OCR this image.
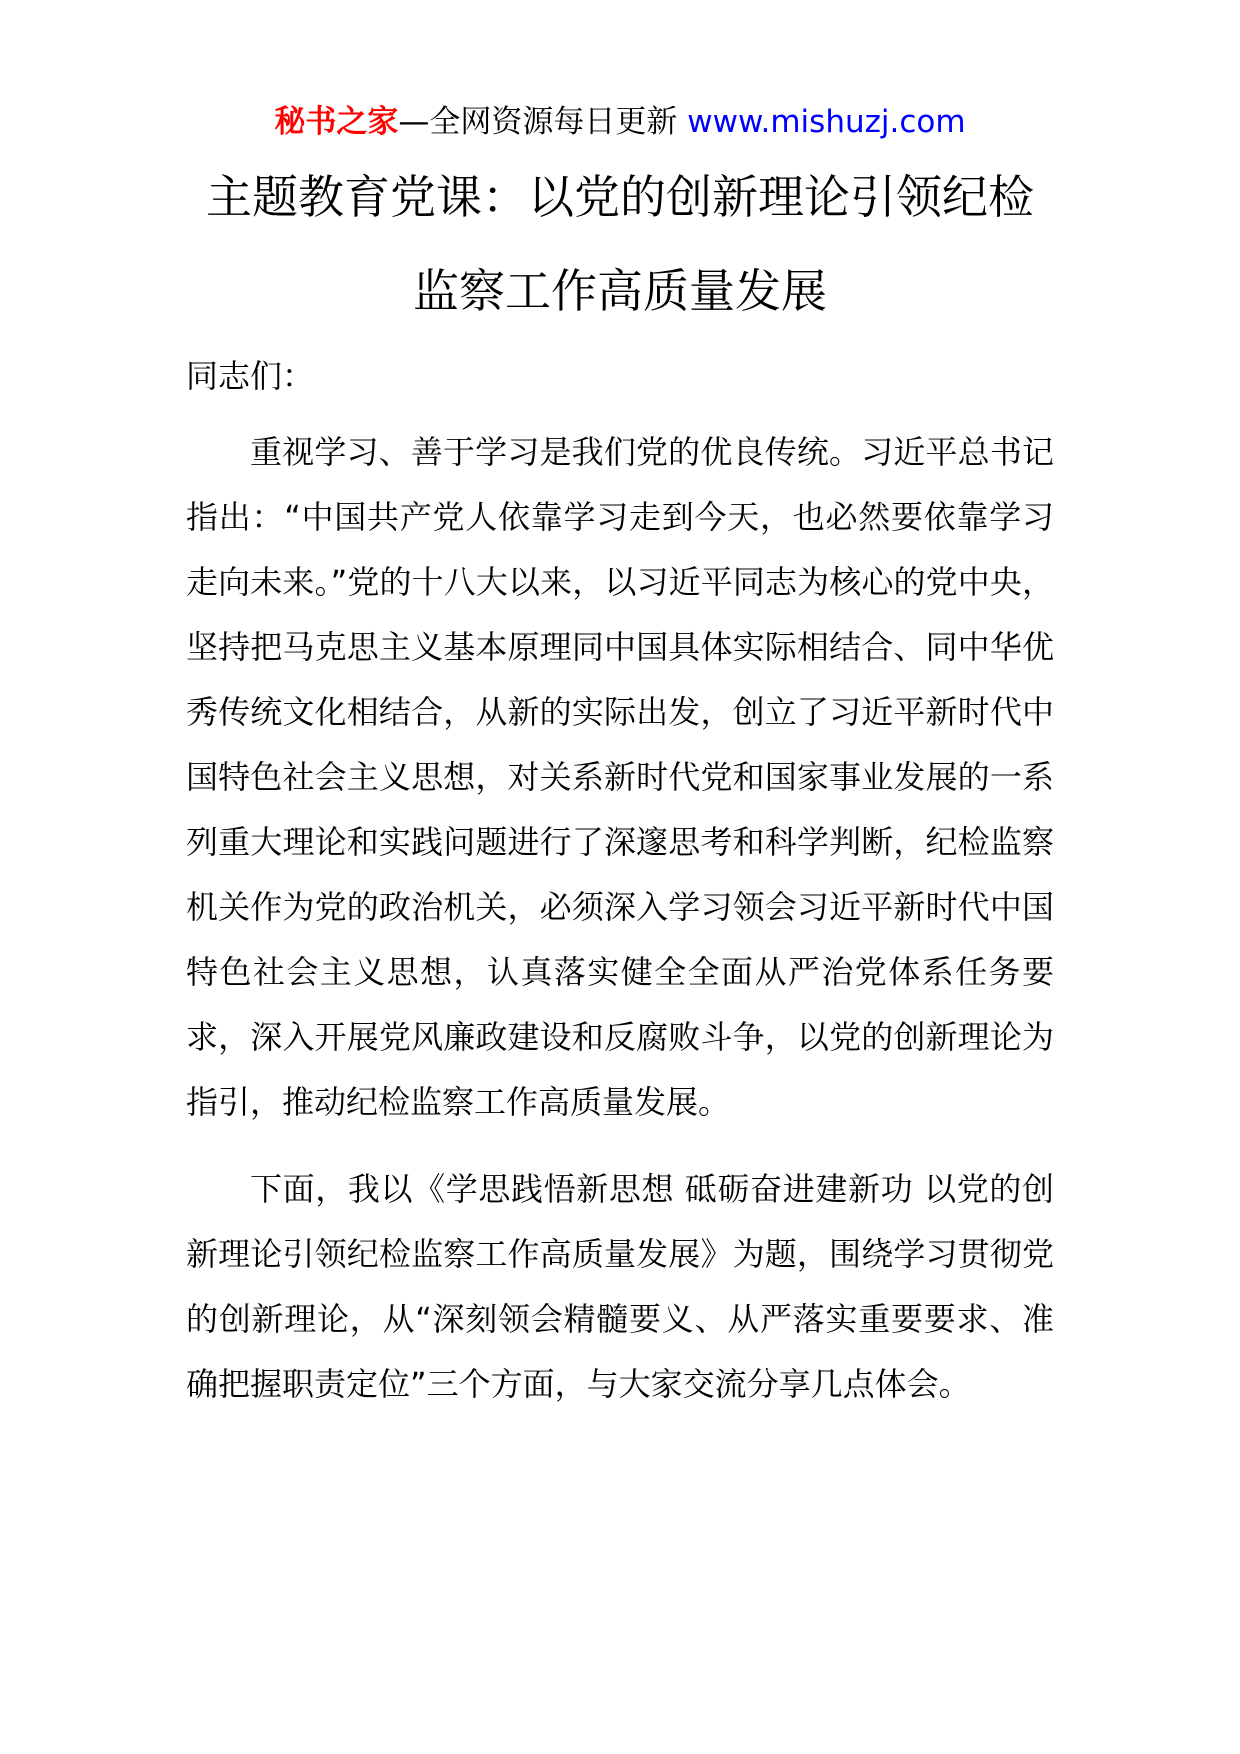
秘书之家—全网资源每日更新 www.mishuzj.com
主题教育党课：以党的创新理论引领纪检
监察工作高质量发展

同志们：

重视学习、善于学习是我们党的优良传统。习近平总书记指出：“中国共产党人依靠学习走到今天，也必然要依靠学习走向未来。”党的十八大以来，以习近平同志为核心的党中央，坚持把马克思主义基本原理同中国具体实际相结合、同中华优秀传统文化相结合，从新的实际出发，创立了习近平新时代中国特色社会主义思想，对关系新时代党和国家事业发展的一系列重大理论和实践问题进行了深邃思考和科学判断，纪检监察机关作为党的政治机关，必须深入学习领会习近平新时代中国特色社会主义思想，认真落实健全全面从严治党体系任务要求，深入开展党风廉政建设和反腐败斗争，以党的创新理论为指引，推动纪检监察工作高质量发展。

下面，我以《学思践悟新思想 砥砺奋进建新功 以党的创新理论引领纪检监察工作高质量发展》为题，围绕学习贯彻党的创新理论，从“深刻领会精髓要义、从严落实重要要求、准确把握职责定位”三个方面，与大家交流分享几点体会。
